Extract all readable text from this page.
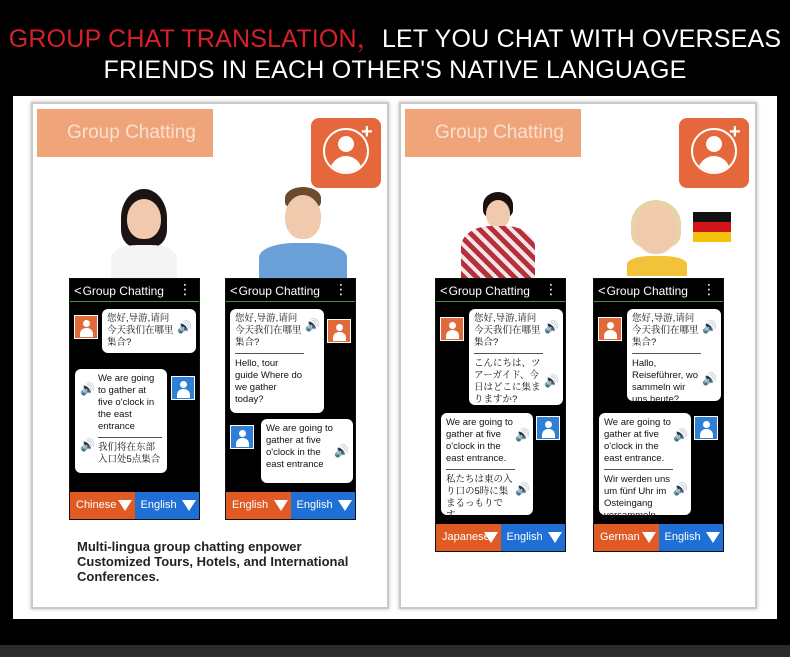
GROUP CHAT TRANSLATION，LET YOU CHAT WITH OVERSEAS
FRIENDS IN EACH OTHER'S NATIVE LANGUAGE
Group Chatting	+
<Group Chatting ⋮
您好,导游,请问今天我们在哪里集合?
🔊
We are going to gather at five o'clock in the east entrance
我们将在东部入口处5点集合
🔊
🔊
Chinese	English
<Group Chatting ⋮
您好,导游,请问今天我们在哪里集合?
Hello, tour guide Where do we gather today?
🔊
We are going to gather at five o'clock in the east entrance
🔊
English	English
Multi-lingua group chatting enpower Customized Tours, Hotels, and International Conferences.
Group Chatting	+
<Group Chatting ⋮
您好,导游,请问今天我们在哪里集合?
こんにちは、ツアーガイド、今日はどこに集まりますか?
🔊
🔊
We are going to gather at five o'clock in the east entrance.
私たちは東の入り口の5時に集まるっもりです。
🔊
🔊
Japanese	English
<Group Chatting ⋮
您好,导游,请问今天我们在哪里集合?
Hallo, Reiseführer, wo sammeln wir uns heute?
🔊
🔊
We are going to gather at five o'clock in the east entrance.
Wir werden uns um fünf Uhr im Osteingang versammeln.
🔊
🔊
German	English
